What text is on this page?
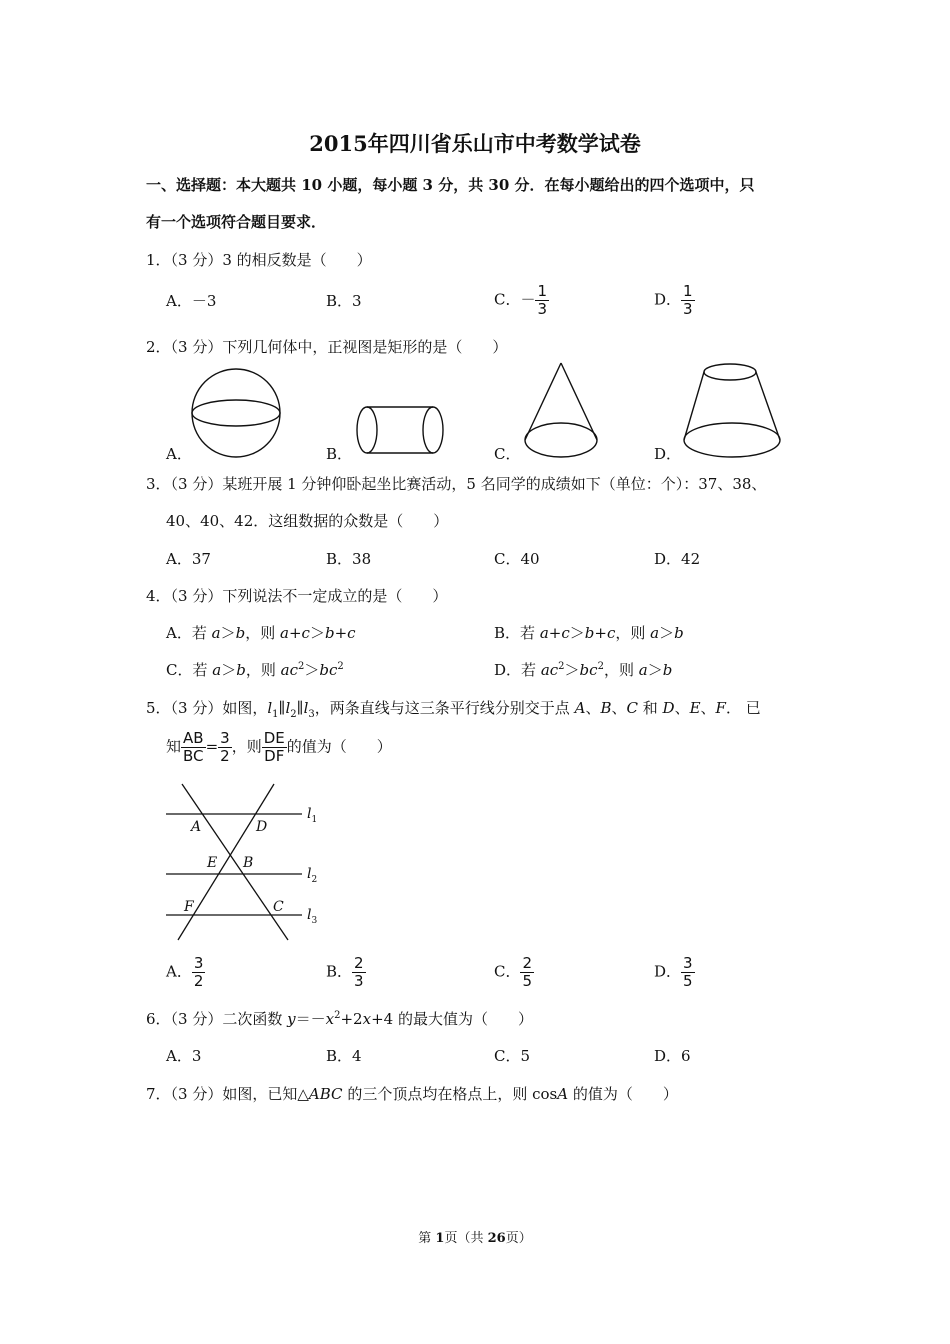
2015年四川省乐山市中考数学试卷
一、选择题：本大题共 10 小题，每小题 3 分，共 30 分．在每小题给出的四个选项中，只
有一个选项符合题目要求．
1．（3 分）3 的相反数是（　　）
A．－3	B．3	C．－ $\frac{1}{3}$	D． $\frac{1}{3}$
2．（3 分）下列几何体中，正视图是矩形的是（　　）
A．	B．	C．	D．
3．（3 分）某班开展 1 分钟仰卧起坐比赛活动，5 名同学的成绩如下（单位：个）：37、38、
40、40、42．这组数据的众数是（　　）
A．37	B．38	C．40	D．42
4．（3 分）下列说法不一定成立的是（　　）
A．若 a＞b，则 a+c＞b+c	B．若 a+c＞b+c，则 a＞b
C．若 a＞b，则 $ac^2>bc^2$	D．若 $ac^2>bc^2$，则 a＞b
5．（3 分）如图，$l_1\parallel l_2\parallel l_3$，两条直线与这三条平行线分别交于点 A、B、C 和 D、E、F． 已
知 $\frac{AB}{BC} = \frac{3}{2}$ ，则 $\frac{DE}{DF}$ 的值为（　　）
A	D
E B
F	C
$l_1$
$l_2$
$l_3$
A． $\frac{3}{2}$	B． $\frac{2}{3}$	C． $\frac{2}{5}$	D． $\frac{3}{5}$
6．（3 分）二次函数 $y=-x^2+2x+4$ 的最大值为（　　）
A．3	B．4	C．5	D．6
7．（3 分）如图，已知△ABC 的三个顶点均在格点上，则 cosA 的值为（　　）
第 1页（共 26页）
